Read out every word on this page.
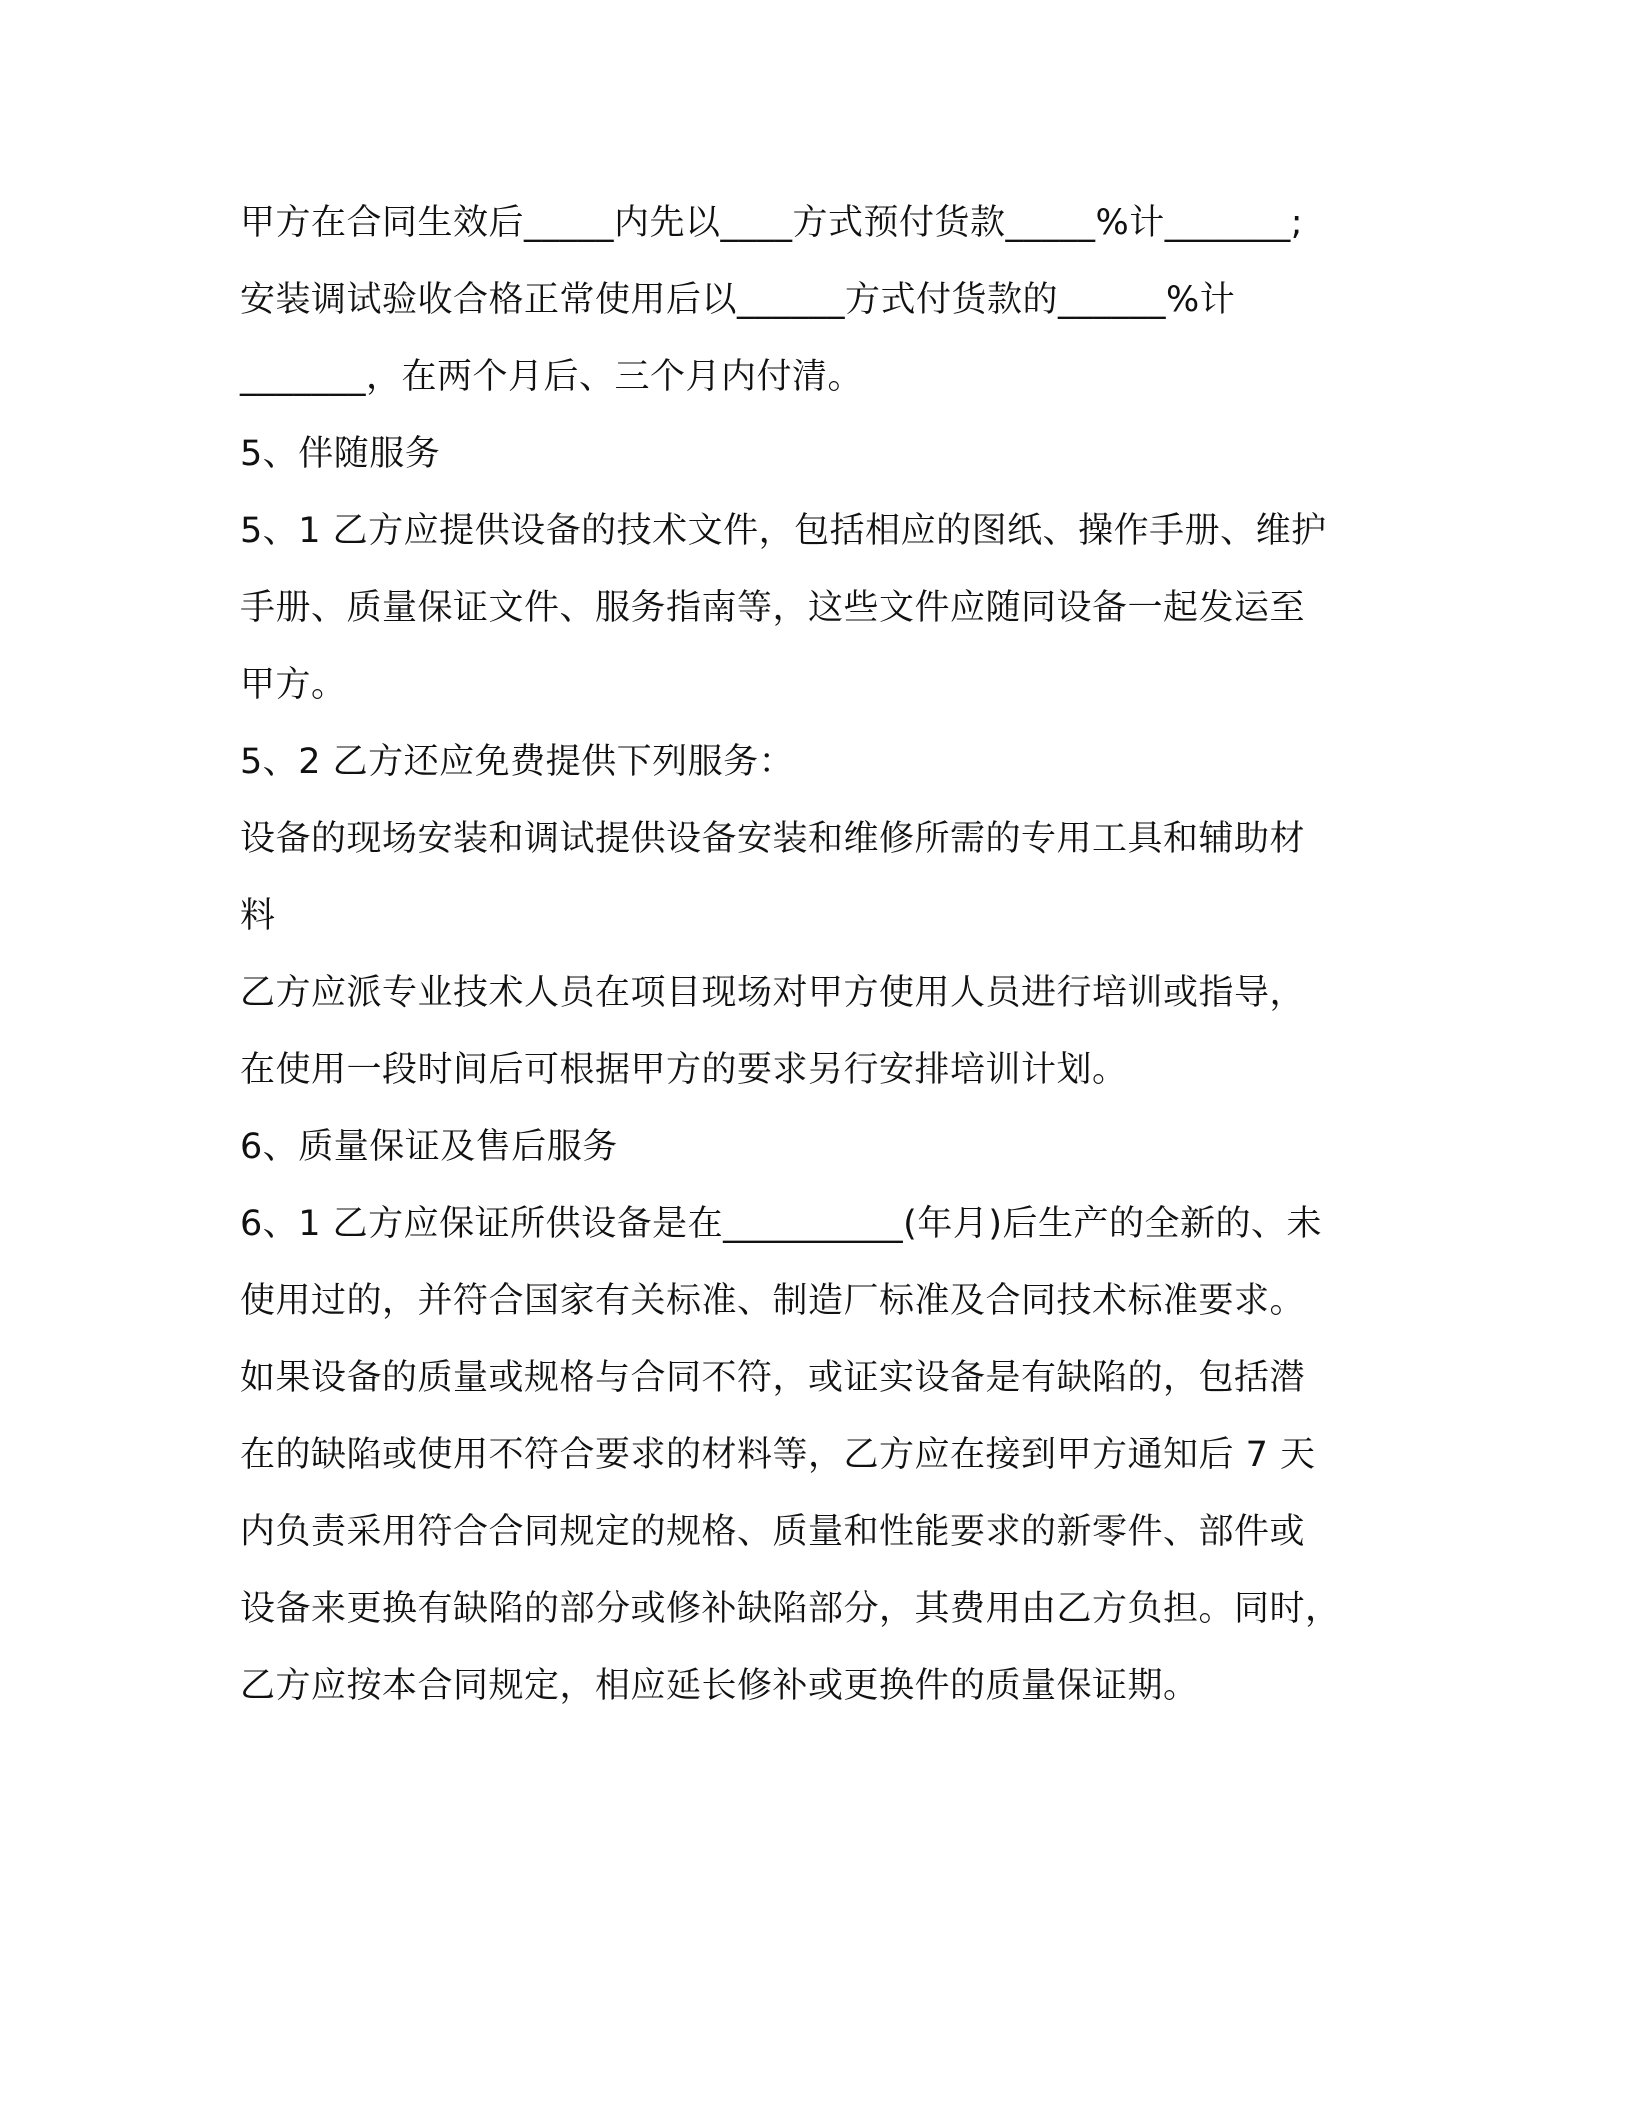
甲方在合同生效后_____内先以____方式预付货款_____%计_______;
安装调试验收合格正常使用后以______方式付货款的______%计
_______，在两个月后、三个月内付清。
5、伴随服务
5、1 乙方应提供设备的技术文件，包括相应的图纸、操作手册、维护
手册、质量保证文件、服务指南等，这些文件应随同设备一起发运至
甲方。
5、2 乙方还应免费提供下列服务：
设备的现场安装和调试提供设备安装和维修所需的专用工具和辅助材
料
乙方应派专业技术人员在项目现场对甲方使用人员进行培训或指导，
在使用一段时间后可根据甲方的要求另行安排培训计划。
6、质量保证及售后服务
6、1 乙方应保证所供设备是在__________(年月)后生产的全新的、未
使用过的，并符合国家有关标准、制造厂标准及合同技术标准要求。
如果设备的质量或规格与合同不符，或证实设备是有缺陷的，包括潜
在的缺陷或使用不符合要求的材料等，乙方应在接到甲方通知后 7 天
内负责采用符合合同规定的规格、质量和性能要求的新零件、部件或
设备来更换有缺陷的部分或修补缺陷部分，其费用由乙方负担。同时，
乙方应按本合同规定，相应延长修补或更换件的质量保证期。
